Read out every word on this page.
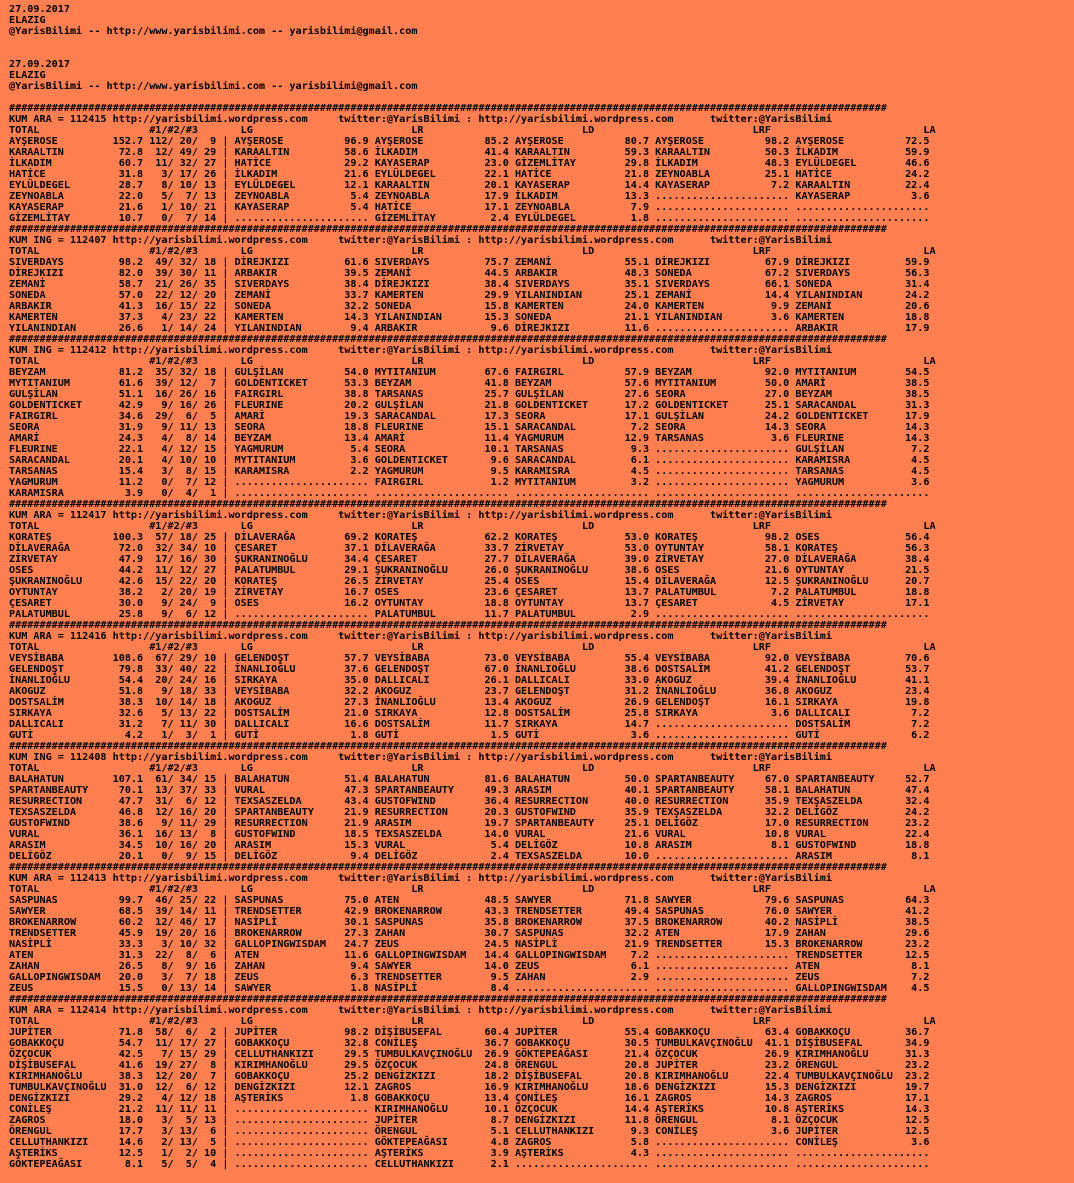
27.09.2017
ELAZIG
@YarisBilimi -- http://www.yarisbilimi.com -- yarisbilimi@gmail.com
27.09.2017
ELAZIG
@YarisBilimi -- http://www.yarisbilimi.com -- yarisbilimi@gmail.com
################################################################################################################################################
KUM ARA = 112415 http://yarisbilimi.wordpress.com     twitter:@YarisBilimi : http://yarisbilimi.wordpress.com      twitter:@YarisBilimi
TOTAL                  #1/#2/#3       LG                          LR                          LD                          LRF                         LA
AYŞEROSE         152.7 112/ 20/  9 | AYŞEROSE          96.9 AYŞEROSE          85.2 AYŞEROSE          80.7 AYŞEROSE          98.2 AYŞEROSE          72.5
KARAALTIN         72.8  12/ 49/ 29 | KARAALTIN         58.6 İLKADIM           41.4 KARAALTIN         59.3 KARAALTIN         50.3 İLKADIM           59.9
İLKADIM           60.7  11/ 32/ 27 | HATİCE            29.2 KAYASERAP         23.0 GİZEMLİTAY        29.8 İLKADIM           48.3 EYLÜLDEGEL        46.6
HATİCE            31.8   3/ 17/ 26 | İLKADIM           21.6 EYLÜLDEGEL        22.1 HATİCE            21.8 ZEYNOABLA         25.1 HATİCE            24.2
EYLÜLDEGEL        28.7   8/ 10/ 13 | EYLÜLDEGEL        12.1 KARAALTIN         20.1 KAYASERAP         14.4 KAYASERAP          7.2 KARAALTIN         22.4
ZEYNOABLA         22.0   5/  7/ 13 | ZEYNOABLA          5.4 ZEYNOABLA         17.9 İLKADIM           13.3 ...................... KAYASERAP          3.6
KAYASERAP         21.6   1/ 10/ 21 | KAYASERAP          5.4 HATİCE            17.1 ZEYNOABLA          7.9 ...................... ......................
GİZEMLİTAY        10.7   0/  7/ 14 | ...................... GİZEMLİTAY         2.4 EYLÜLDEGEL         1.8 ...................... ......................
################################################################################################################################################
KUM ING = 112407 http://yarisbilimi.wordpress.com     twitter:@YarisBilimi : http://yarisbilimi.wordpress.com      twitter:@YarisBilimi
TOTAL                  #1/#2/#3       LG                          LR                          LD                          LRF                         LA
SIVERDAYS         98.2  49/ 32/ 18 | DİREJKIZI         61.6 SIVERDAYS         75.7 ZEMANİ            55.1 DİREJKIZI         67.9 DİREJKIZI         59.9
DİREJKIZI         82.0  39/ 30/ 11 | ARBAKIR           39.5 ZEMANİ            44.5 ARBAKIR           48.3 SONEDA            67.2 SIVERDAYS         56.3
ZEMANİ            58.7  21/ 26/ 35 | SIVERDAYS         38.4 DİREJKIZI         38.4 SIVERDAYS         35.1 SIVERDAYS         66.1 SONEDA            31.4
SONEDA            57.0  22/ 12/ 20 | ZEMANİ            33.7 KAMERTEN          29.9 YILANINDIAN       25.1 ZEMANİ            14.4 YILANINDIAN       24.2
ARBAKIR           41.3  16/ 15/ 22 | SONEDA            32.2 SONEDA            15.8 KAMERTEN          24.0 KAMERTEN           9.9 ZEMANİ            20.6
KAMERTEN          37.3   4/ 23/ 22 | KAMERTEN          14.3 YILANINDIAN       15.3 SONEDA            21.1 YILANINDIAN        3.6 KAMERTEN          18.8
YILANINDIAN       26.6   1/ 14/ 24 | YILANINDIAN        9.4 ARBAKIR            9.6 DİREJKIZI         11.6 ...................... ARBAKIR           17.9
################################################################################################################################################
KUM ING = 112412 http://yarisbilimi.wordpress.com     twitter:@YarisBilimi : http://yarisbilimi.wordpress.com      twitter:@YarisBilimi
TOTAL                  #1/#2/#3       LG                          LR                          LD                          LRF                         LA
BEYZAM            81.2  35/ 32/ 18 | GULŞİLAN          54.0 MYTITANIUM        67.6 FAIRGIRL          57.9 BEYZAM            92.0 MYTITANIUM        54.5
MYTITANIUM        61.6  39/ 12/  7 | GOLDENTICKET      53.3 BEYZAM            41.8 BEYZAM            57.6 MYTITANIUM        50.0 AMARİ             38.5
GULŞİLAN          51.1  16/ 26/ 16 | FAIRGIRL          38.8 TARSANAS          25.7 GULŞİLAN          27.6 SEORA             27.0 BEYZAM            38.5
GOLDENTICKET      42.9   9/ 16/ 26 | FLEURINE          20.2 GULŞİLAN          21.8 GOLDENTICKET      17.2 GOLDENTICKET      25.1 SARACANDAL        31.3
FAIRGIRL          34.6  29/  6/  5 | AMARİ             19.3 SARACANDAL        17.3 SEORA             17.1 GULŞİLAN          24.2 GOLDENTICKET      17.9
SEORA             31.9   9/ 11/ 13 | SEORA             18.8 FLEURINE          15.1 SARACANDAL         7.2 SEORA             14.3 SEORA             14.3
AMARİ             24.3   4/  8/ 14 | BEYZAM            13.4 AMARİ             11.4 YAGMURUM          12.9 TARSANAS           3.6 FLEURINE          14.3
FLEURINE          22.1   4/ 12/ 15 | YAGMURUM           5.4 SEORA             10.1 TARSANAS           9.3 ...................... GULŞİLAN           7.2
SARACANDAL        20.1   4/ 10/ 10 | MYTITANIUM         3.6 GOLDENTICKET       9.6 SARACANDAL         6.1 ...................... KARAMISRA          4.5
TARSANAS          15.4   3/  8/ 15 | KARAMISRA          2.2 YAGMURUM           9.5 KARAMISRA          4.5 ...................... TARSANAS           4.5
YAGMURUM          11.2   0/  7/ 12 | ...................... FAIRGIRL           1.2 MYTITANIUM         3.2 ...................... YAGMURUM           3.6
KARAMISRA          3.9   0/  4/  1 | ...................... ...................... ...................... ...................... ......................
################################################################################################################################################
KUM ARA = 112417 http://yarisbilimi.wordpress.com     twitter:@YarisBilimi : http://yarisbilimi.wordpress.com      twitter:@YarisBilimi
TOTAL                  #1/#2/#3       LG                          LR                          LD                          LRF                         LA
KORATEŞ          100.3  57/ 18/ 25 | DİLAVERAĞA        69.2 KORATEŞ           62.2 KORATEŞ           53.0 KORATEŞ           98.2 OSES              56.4
DİLAVERAĞA        72.0  32/ 34/ 10 | ÇESARET           37.1 DİLAVERAĞA        33.7 ZİRVETAY          53.0 OYTUNTAY          58.1 KORATEŞ           56.3
ZİRVETAY          47.9  17/ 16/ 30 | ŞUKRANINOĞLU      34.4 ÇESARET           27.7 DİLAVERAĞA        39.0 ZİRVETAY          27.0 DİLAVERAĞA        38.4
OSES              44.2  11/ 12/ 27 | PALATUMBUL        29.1 ŞUKRANINOĞLU      26.0 ŞUKRANINOĞLU      38.6 OSES              21.6 OYTUNTAY          21.5
ŞUKRANINOĞLU      42.6  15/ 22/ 20 | KORATEŞ           26.5 ZİRVETAY          25.4 OSES              15.4 DİLAVERAĞA        12.5 ŞUKRANINOĞLU      20.7
OYTUNTAY          38.2   2/ 20/ 19 | ZİRVETAY          16.7 OSES              23.6 ÇESARET           13.7 PALATUMBUL         7.2 PALATUMBUL        18.8
ÇESARET           30.0   9/ 24/  9 | OSES              16.2 OYTUNTAY          18.8 OYTUNTAY          13.7 ÇESARET            4.5 ZİRVETAY          17.1
PALATUMBUL        25.8   9/  6/ 12 | ...................... PALATUMBUL        11.7 PALATUMBUL         2.9 ...................... ......................
################################################################################################################################################
KUM ARA = 112416 http://yarisbilimi.wordpress.com     twitter:@YarisBilimi : http://yarisbilimi.wordpress.com      twitter:@YarisBilimi
TOTAL                  #1/#2/#3       LG                          LR                          LD                          LRF                         LA
VEYSİBABA        108.6  67/ 29/ 10 | GELENDOŞT         57.7 VEYSİBABA         73.0 VEYSİBABA         55.4 VEYSİBABA         92.0 VEYSİBABA         70.6
GELENDOŞT         79.8  33/ 40/ 22 | İNANLIOĞLU        37.6 GELENDOŞT         67.0 İNANLIOĞLU        38.6 DOSTSALİM         41.2 GELENDOŞT         53.7
İNANLIOĞLU        54.4  20/ 24/ 16 | SIRKAYA           35.0 DALLICALI         26.1 DALLICALI         33.0 AKOGUZ            39.4 İNANLIOĞLU        41.1
AKOGUZ            51.8   9/ 18/ 33 | VEYSİBABA         32.2 AKOGUZ            23.7 GELENDOŞT         31.2 İNANLIOĞLU        36.8 AKOGUZ            23.4
DOSTSALİM         38.3  10/ 14/ 18 | AKOGUZ            27.3 İNANLIOĞLU        13.4 AKOGUZ            26.9 GELENDOŞT         16.1 SIRKAYA           19.8
SIRKAYA           32.6   5/ 13/ 22 | DOSTSALİM         21.0 SIRKAYA           12.8 DOSTSALİM         25.8 SIRKAYA            3.6 DALLICALI          7.2
DALLICALI         31.2   7/ 11/ 30 | DALLICALI         16.6 DOSTSALİM         11.7 SIRKAYA           14.7 ...................... DOSTSALİM          7.2
GUTİ               4.2   1/  3/  1 | GUTİ               1.8 GUTİ               1.5 GUTİ               3.6 ...................... GUTİ               6.2
################################################################################################################################################
KUM ING = 112408 http://yarisbilimi.wordpress.com     twitter:@YarisBilimi : http://yarisbilimi.wordpress.com      twitter:@YarisBilimi
TOTAL                  #1/#2/#3       LG                          LR                          LD                          LRF                         LA
BALAHATUN        107.1  61/ 34/ 15 | BALAHATUN         51.4 BALAHATUN         81.6 BALAHATUN         50.0 SPARTANBEAUTY     67.0 SPARTANBEAUTY     52.7
SPARTANBEAUTY     70.1  13/ 37/ 33 | VURAL             47.3 SPARTANBEAUTY     49.3 ARASIM            40.1 SPARTANBEAUTY     58.1 BALAHATUN         47.4
RESURRECTION      47.7  31/  6/ 12 | TEXSASZELDA       43.4 GUSTOFWIND        36.4 RESURRECTION      40.0 RESURRECTION      35.9 TEXŞASZELDA       32.4
TEXSASZELDA       46.8  12/ 16/ 20 | SPARTANBEAUTY     21.9 RESURRECTION      20.3 GUSTOFWIND        35.9 TEXŞASZELDA       32.2 DELİGÖZ           24.2
GUSTOFWIND        38.6   9/ 11/ 29 | RESURRECTION      21.9 ARASIM            19.7 SPARTANBEAUTY     25.1 DELİGÖZ           17.0 RESURRECTION      23.2
VURAL             36.1  16/ 13/  8 | GUSTOFWIND        18.5 TEXSASZELDA       14.0 VURAL             21.6 VURAL             10.8 VURAL             22.4
ARASIM            34.5  10/ 16/ 20 | ARASIM            15.3 VURAL              5.4 DELİGÖZ           10.8 ARASIM             8.1 GUSTOFWIND        18.8
DELİGÖZ           20.1   0/  9/ 15 | DELİGÖZ            9.4 DELİGÖZ            2.4 TEXSASZELDA       10.0 ...................... ARASIM             8.1
################################################################################################################################################
KUM ARA = 112413 http://yarisbilimi.wordpress.com     twitter:@YarisBilimi : http://yarisbilimi.wordpress.com      twitter:@YarisBilimi
TOTAL                  #1/#2/#3       LG                          LR                          LD                          LRF                         LA
SASPUNAS          99.7  46/ 25/ 22 | SASPUNAS          75.0 ATEN              48.5 SAWYER            71.8 SAWYER            79.6 SASPUNAS          64.3
SAWYER            68.5  39/ 14/ 11 | TRENDSETTER       42.9 BROKENARROW       43.3 TRENDSETTER       49.4 SASPUNAS          76.0 SAWYER            41.2
BROKENARROW       60.2  12/ 46/ 17 | NASİPLİ           30.1 SASPUNAS          35.8 BROKENARROW       37.5 BROKENARROW       40.2 NASİPLİ           38.5
TRENDSETTER       45.9  19/ 20/ 16 | BROKENARROW       27.3 ZAHAN             30.7 SASPUNAS          32.2 ATEN              17.9 ZAHAN             29.6
NASİPLİ           33.3   3/ 10/ 32 | GALLOPINGWISDAM   24.7 ZEUS              24.5 NASİPLİ           21.9 TRENDSETTER       15.3 BROKENARROW       23.2
ATEN              31.3  22/  8/  6 | ATEN              11.6 GALLOPINGWISDAM   14.4 GALLOPINGWISDAM    7.2 ...................... TRENDSETTER       12.5
ZAHAN             26.5   8/  9/ 16 | ZAHAN              9.4 SAWYER            14.0 ZEUS               6.1 ...................... ATEN               8.1
GALLOPINGWISDAM   20.0   3/  7/ 18 | ZEUS               6.3 TRENDSETTER        9.5 ZAHAN              2.9 ...................... ZEUS               7.2
ZEUS              15.5   0/ 13/ 14 | SAWYER             1.8 NASİPLİ            8.4 ...................... ...................... GALLOPINGWISDAM    4.5
################################################################################################################################################
KUM ARA = 112414 http://yarisbilimi.wordpress.com     twitter:@YarisBilimi : http://yarisbilimi.wordpress.com      twitter:@YarisBilimi
TOTAL                  #1/#2/#3       LG                          LR                          LD                          LRF                         LA
JUPİTER           71.8  58/  6/  2 | JUPİTER           98.2 DİŞİBUSEFAL       60.4 JUPİTER           55.4 GOBAKKOÇU         63.4 GOBAKKOÇU         36.7
GOBAKKOÇU         54.7  11/ 17/ 27 | GOBAKKOÇU         32.8 CONİLEŞ           36.7 GOBAKKOÇU         30.5 TUMBULKAVÇINOĞLU  41.1 DİŞİBUSEFAL       34.9
ÖZÇOCUK           42.5   7/ 15/ 29 | CELLUTHANKIZI     29.5 TUMBULKAVÇINOĞLU  26.9 GÖKTEPEAĞASI      21.4 ÖZÇOCUK           26.9 KIRIMHANOĞLU      31.3
DİŞİBUSEFAL       41.6  19/ 27/  8 | KIRIMHANOĞLU      29.5 ÖZÇOCUK           24.8 ÖRENGUL           20.8 JUPİTER           23.2 ÖRENGUL           23.2
KIRIMHANOĞLU      38.3  12/ 20/  7 | GOBAKKOÇU         25.2 DENGİZKIZI        18.2 DİŞİBUSEFAL       20.8 KIRIMHANOĞLU      22.4 TUMBULKAVÇINOĞLU  23.2
TUMBULKAVÇINOĞLU  31.0  12/  6/ 12 | DENGİZKIZI        12.1 ZAGROS            16.9 KIRIMHANOĞLU      18.6 DENGİZKIZI        15.3 DENGİZKIZI        19.7
DENGİZKIZI        29.2   4/ 12/ 18 | AŞTERİKS           1.8 GOBAKKOÇU         13.4 ÇONİLEŞ           16.1 ZAGROS            14.3 ZAGROS            17.1
CONİLEŞ           21.2  11/ 11/ 11 | ...................... KIRIMHANOĞLU      10.1 ÖZÇOCUK           14.4 AŞTERİKS          10.8 AŞTERİKS          14.3
ZAGROS            18.0   3/  5/ 13 | ...................... JUPİTER            8.7 DENGİZKIZI        11.8 ÖRENGUL            8.1 ÖZÇOCUK           12.5
ÖRENGUL           17.7   3/ 13/  6 | ...................... ÖRENGUL            5.1 CELLUTHANKIZI      9.3 CONİLEŞ            3.6 JUPİTER           12.5
CELLUTHANKIZI     14.6   2/ 13/  5 | ...................... GÖKTEPEAĞASI       4.8 ZAGROS             5.8 ...................... CONİLEŞ            3.6
AŞTERİKS          12.5   1/  2/ 10 | ...................... AŞTERİKS           3.9 AŞTERİKS           4.3 ...................... ......................
GÖKTEPEAĞASI       8.1   5/  5/  4 | ...................... CELLUTHANKIZI      2.1 ...................... ...................... ......................
